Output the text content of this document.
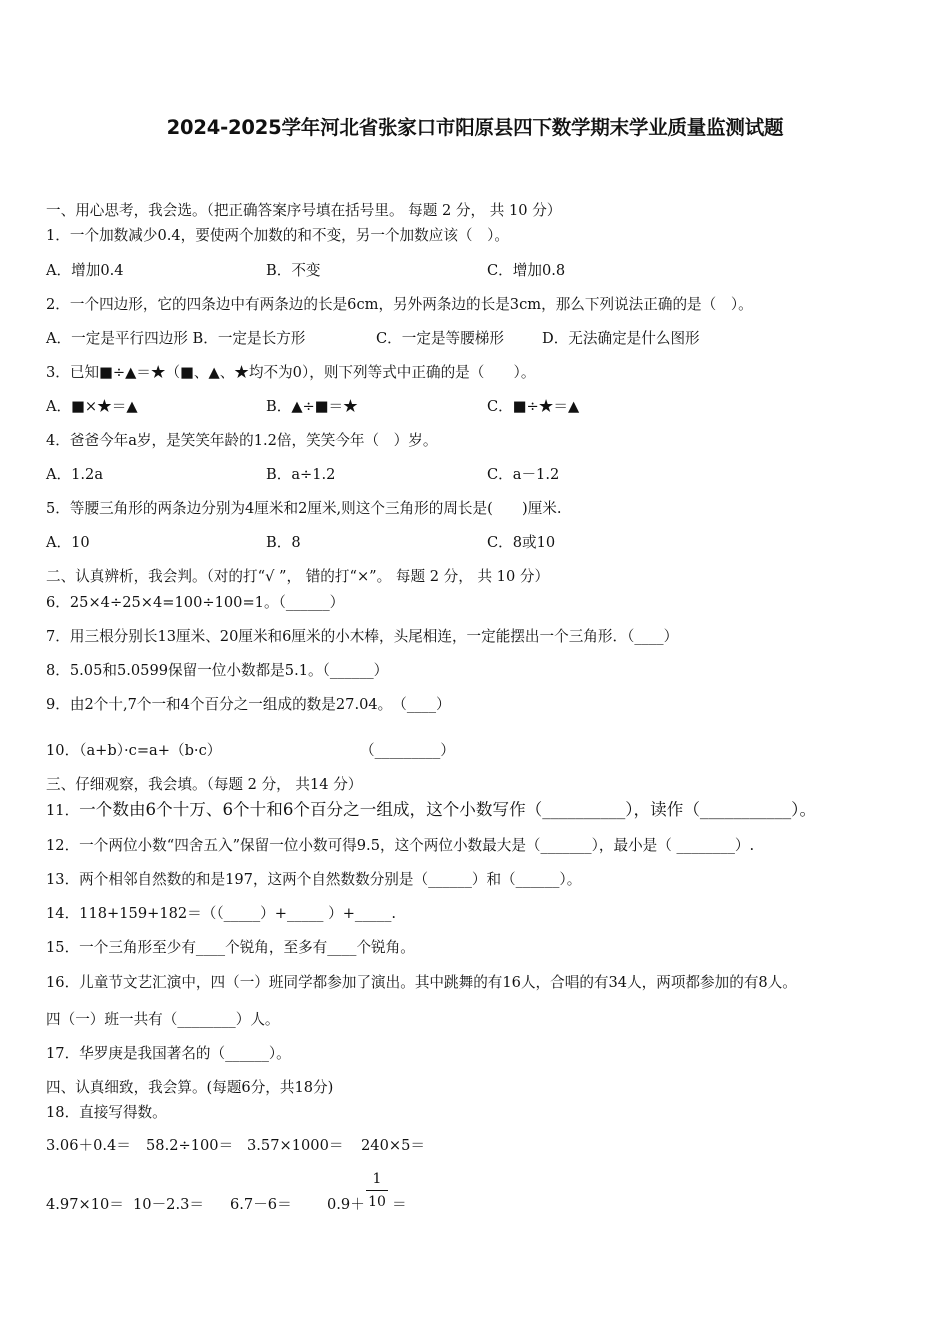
2024-2025学年河北省张家口市阳原县四下数学期末学业质量监测试题
一、用心思考，我会选。（把正确答案序号填在括号里。 每题 2 分， 共 10 分）
1．一个加数减少0.4，要使两个加数的和不变，另一个加数应该（　）。
A．增加0.4	B．不变	C．增加0.8
2．一个四边形，它的四条边中有两条边的长是6cm，另外两条边的长是3cm，那么下列说法正确的是（　）。
A．一定是平行四边形 B．一定是长方形	C．一定是等腰梯形	D．无法确定是什么图形
3．已知■÷▲＝★（■、▲、★均不为0），则下列等式中正确的是（　　）。
A．■×★＝▲	B．▲÷■＝★	C．■÷★＝▲
4．爸爸今年a岁，是笑笑年龄的1.2倍，笑笑今年（　）岁。
A．1.2a	B．a÷1.2	C．a－1.2
5．等腰三角形的两条边分别为4厘米和2厘米,则这个三角形的周长是(　　)厘米.
A．10	B．8	C．8或10
二、认真辨析，我会判。（对的打“√ ”， 错的打“×”。 每题 2 分， 共 10 分）
6．25×4÷25×4=100÷100=1。（______）
7．用三根分别长13厘米、20厘米和6厘米的小木棒，头尾相连，一定能摆出一个三角形．（____）
8．5.05和5.0599保留一位小数都是5.1。（______）
9．由2个十,7个一和4个百分之一组成的数是27.04。　（____）
10．（a+b）·c=a+（b·c）	（_________）
三、仔细观察，我会填。（每题 2 分， 共14 分）
11．一个数由6个十万、6个十和6个百分之一组成，这个小数写作（__________），读作（___________）。
12．一个两位小数“四舍五入”保留一位小数可得9.5，这个两位小数最大是（_______），最小是（ ________）.
13．两个相邻自然数的和是197，这两个自然数数分别是（______）和（______）。
14．118+159+182＝（（_____）+_____ ）+_____.
15．一个三角形至少有____个锐角，至多有____个锐角。
16．儿童节文艺汇演中，四（一）班同学都参加了演出。其中跳舞的有16人，合唱的有34人，两项都参加的有8人。
四（一）班一共有（________）人。
17．华罗庚是我国著名的（______）。
四、认真细致，我会算。(每题6分，共18分)
18．直接写得数。
3.06＋0.4＝ 58.2÷100＝ 3.57×1000＝ 240×5＝
4.97×10＝ 10－2.3＝ 6.7－6＝ 0.9＋
1
10 ＝
